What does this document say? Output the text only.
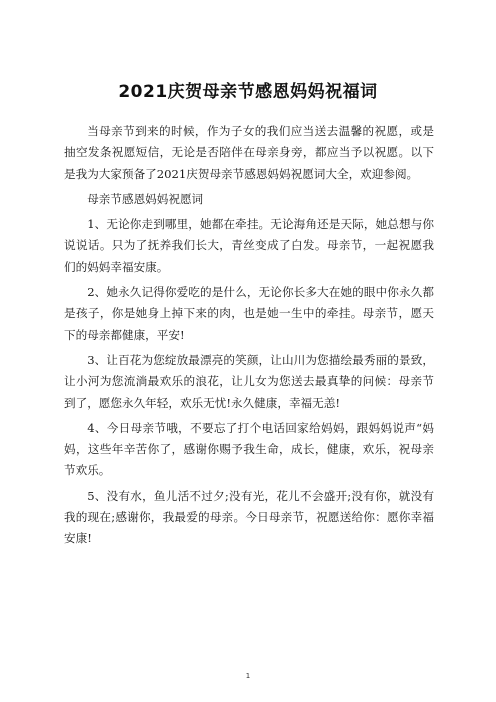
2021庆贺母亲节感恩妈妈祝福词

当母亲节到来的时候，作为子女的我们应当送去温馨的祝愿，或是抽空发条祝愿短信，无论是否陪伴在母亲身旁，都应当予以祝愿。以下是我为大家预备了2021庆贺母亲节感恩妈妈祝愿词大全，欢迎参阅。

母亲节感恩妈妈祝愿词

1、无论你走到哪里，她都在牵挂。无论海角还是天际，她总想与你说说话。只为了抚养我们长大，青丝变成了白发。母亲节，一起祝愿我们的妈妈幸福安康。

2、她永久记得你爱吃的是什么，无论你长多大在她的眼中你永久都是孩子，你是她身上掉下来的肉，也是她一生中的牵挂。母亲节，愿天下的母亲都健康，平安!

3、让百花为您绽放最漂亮的笑颜，让山川为您描绘最秀丽的景致，让小河为您流淌最欢乐的浪花，让儿女为您送去最真挚的问候：母亲节到了，愿您永久年轻，欢乐无忧!永久健康，幸福无恙!

4、今日母亲节哦，不要忘了打个电话回家给妈妈，跟妈妈说声“妈妈，这些年辛苦你了，感谢你赐予我生命，成长，健康，欢乐，祝母亲节欢乐。

5、没有水，鱼儿活不过夕;没有光，花儿不会盛开;没有你，就没有我的现在;感谢你，我最爱的母亲。今日母亲节，祝愿送给你：愿你幸福安康!

1
